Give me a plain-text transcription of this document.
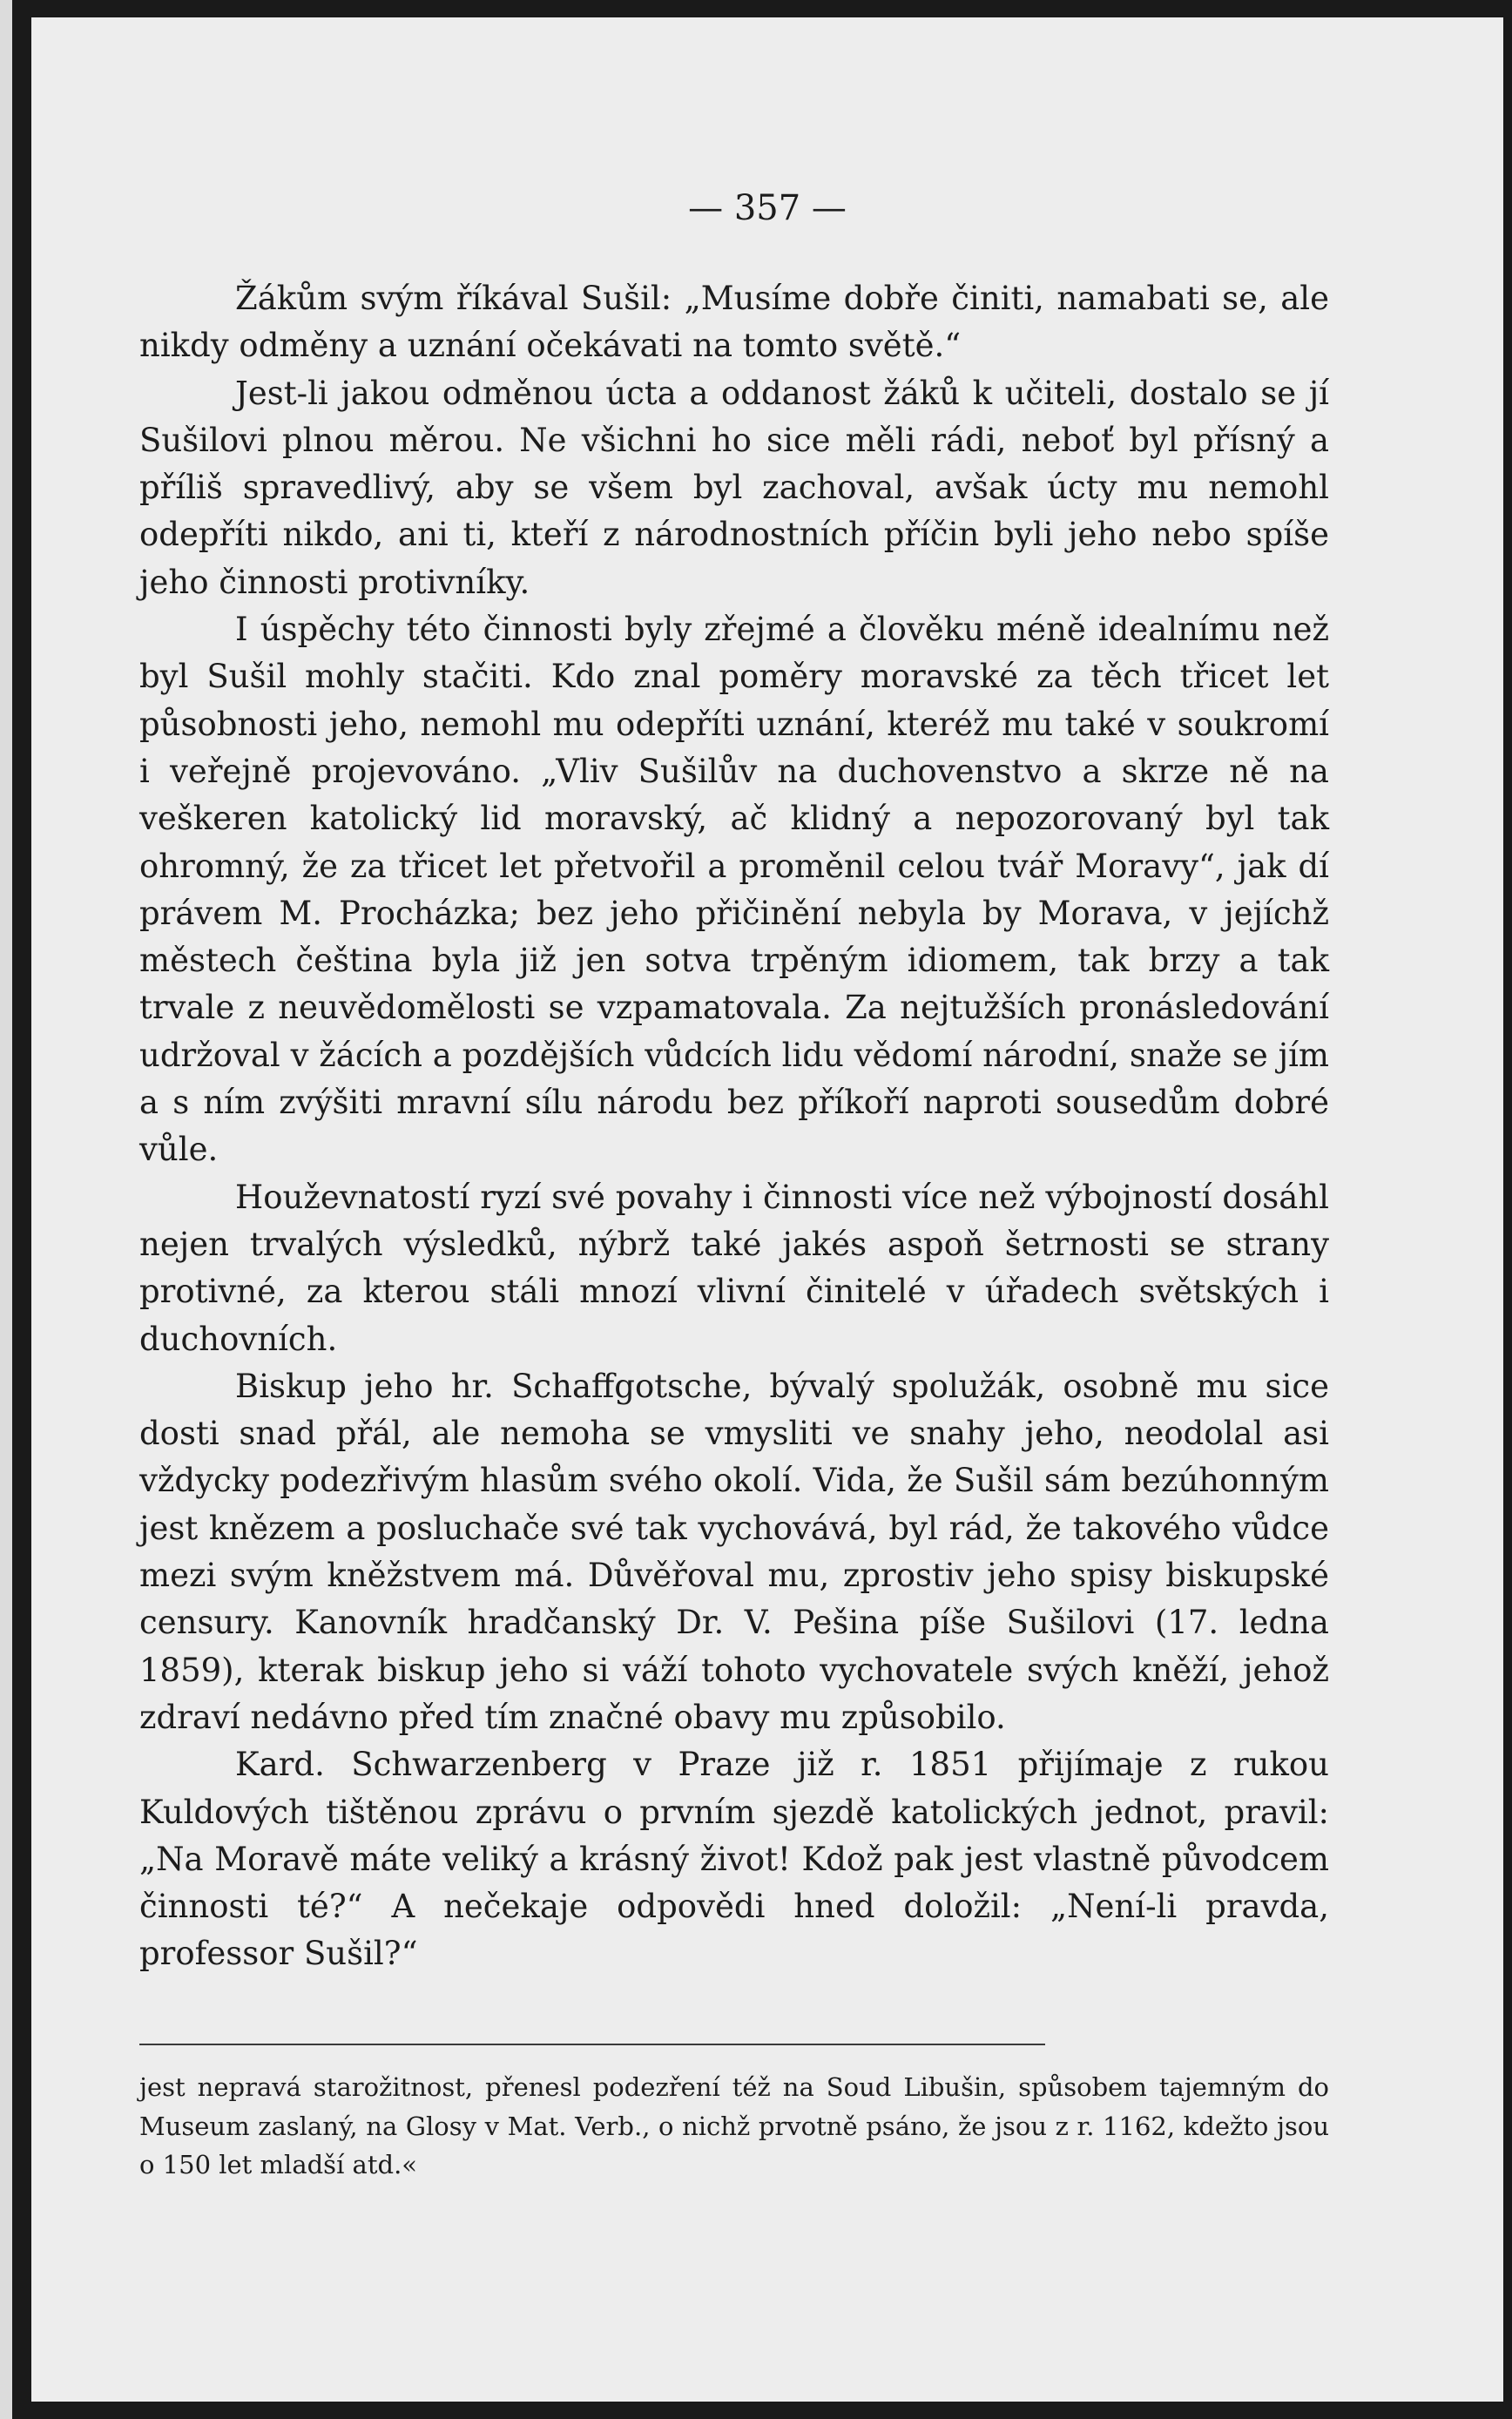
— 357 —

Žákům svým říkával Sušil: „Musíme dobře činiti, namabati se, ale nikdy odměny a uznání očekávati na tomto světě.“

Jest-li jakou odměnou úcta a oddanost žáků k učiteli, dostalo se jí Sušilovi plnou měrou. Ne všichni ho sice měli rádi, neboť byl přísný a příliš spravedlivý, aby se všem byl zachoval, avšak úcty mu nemohl odepříti nikdo, ani ti, kteří z národnostních příčin byli jeho nebo spíše jeho činnosti protivníky.

I úspěchy této činnosti byly zřejmé a člověku méně idealnímu než byl Sušil mohly stačiti. Kdo znal poměry moravské za těch třicet let působnosti jeho, nemohl mu odepříti uznání, kteréž mu také v soukromí i veřejně projevováno. „Vliv Sušilův na duchovenstvo a skrze ně na veškeren katolický lid moravský, ač klidný a nepozorovaný byl tak ohromný, že za třicet let přetvořil a proměnil celou tvář Moravy“, jak dí právem M. Procházka; bez jeho přičinění nebyla by Morava, v jejíchž městech čeština byla již jen sotva trpěným idiomem, tak brzy a tak trvale z neuvědomělosti se vzpamatovala. Za nejtužších pronásledování udržoval v žácích a pozdějších vůdcích lidu vědomí národní, snaže se jím a s ním zvýšiti mravní sílu národu bez příkoří naproti sousedům dobré vůle.

Houževnatostí ryzí své povahy i činnosti více než výbojností dosáhl nejen trvalých výsledků, nýbrž také jakés aspoň šetrnosti se strany protivné, za kterou stáli mnozí vlivní činitelé v úřadech světských i duchovních.

Biskup jeho hr. Schaffgotsche, bývalý spolužák, osobně mu sice dosti snad přál, ale nemoha se vmysliti ve snahy jeho, neodolal asi vždycky podezřivým hlasům svého okolí. Vida, že Sušil sám bezúhonným jest knězem a posluchače své tak vychovává, byl rád, že takového vůdce mezi svým kněžstvem má. Důvěřoval mu, zprostiv jeho spisy biskupské censury. Kanovník hradčanský Dr. V. Pešina píše Sušilovi (17. ledna 1859), kterak biskup jeho si váží tohoto vychovatele svých kněží, jehož zdraví nedávno před tím značné obavy mu způsobilo.

Kard. Schwarzenberg v Praze již r. 1851 přijímaje z rukou Kuldových tištěnou zprávu o prvním sjezdě katolických jednot, pravil: „Na Moravě máte veliký a krásný život! Kdož pak jest vlastně původcem činnosti té?“ A nečekaje odpovědi hned doložil: „Není-li pravda, professor Sušil?“

jest nepravá starožitnost, přenesl podezření též na Soud Libušin, spůsobem tajemným do Museum zaslaný, na Glosy v Mat. Verb., o nichž prvotně psáno, že jsou z r. 1162, kdežto jsou o 150 let mladší atd.«
